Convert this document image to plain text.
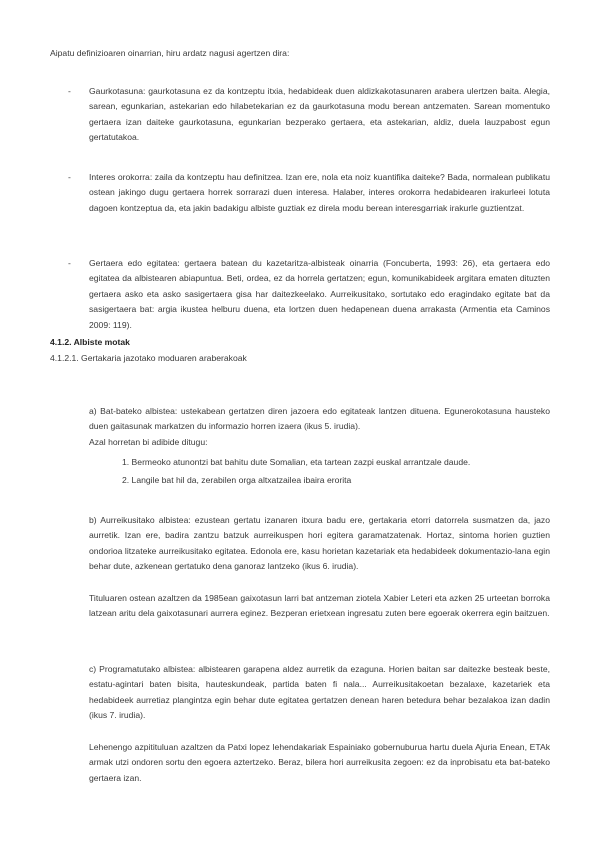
Aipatu definizioaren oinarrian, hiru ardatz nagusi agertzen dira:

- Gaurkotasuna: gaurkotasuna ez da kontzeptu itxia, hedabideak duen aldizkakotasunaren arabera ulertzen baita. Alegia, sarean, egunkarian, astekarian edo hilabetekarian ez da gaurkotasuna modu berean antzematen. Sarean momentuko gertaera izan daiteke gaurkotasuna, egunkarian bezperako gertaera, eta astekarian, aldiz, duela lauzpabost egun gertatutakoa.

- Interes orokorra: zaila da kontzeptu hau definitzea. Izan ere, nola eta noiz kuantifika daiteke? Bada, normalean publikatu ostean jakingo dugu gertaera horrek sorrarazi duen interesa. Halaber, interes orokorra hedabidearen irakurleei lotuta dagoen kontzeptua da, eta jakin badakigu albiste guztiak ez direla modu berean interesgarriak irakurle guztientzat.

- Gertaera edo egitatea: gertaera batean du kazetaritza-albisteak oinarria (Foncuberta, 1993: 26), eta gertaera edo egitatea da albistearen abiapuntua. Beti, ordea, ez da horrela gertatzen; egun, komunikabideek argitara ematen dituzten gertaera asko eta asko sasigertaera gisa har daitezkeelako. Aurreikusitako, sortutako edo eragindako egitate bat da sasigertaera bat: argia ikustea helburu duena, eta lortzen duen hedapenean duena arrakasta (Armentia eta Caminos 2009: 119).

4.1.2. Albiste motak

4.1.2.1. Gertakaria jazotako moduaren araberakoak

a) Bat-bateko albistea: ustekabean gertatzen diren jazoera edo egitateak lantzen dituena. Egunerokotasuna hausteko duen gaitasunak markatzen du informazio horren izaera (ikus 5. irudia).

Azal horretan bi adibide ditugu:

1. Bermeoko atunontzi bat bahitu dute Somalian, eta tartean zazpi euskal arrantzale daude.

2. Langile bat hil da, zerabilen orga altxatzailea ibaira erorita

b) Aurreikusitako albistea: ezustean gertatu izanaren itxura badu ere, gertakaria etorri datorrela susmatzen da, jazo aurretik. Izan ere, badira zantzu batzuk aurreikuspen hori egitera garamatzatenak. Hortaz, sintoma horien guztien ondorioa litzateke aurreikusitako egitatea. Edonola ere, kasu horietan kazetariak eta hedabideek dokumentazio-lana egin behar dute, azkenean gertatuko dena ganoraz lantzeko (ikus 6. irudia).

Tituluaren ostean azaltzen da 1985ean gaixotasun larri bat antzeman ziotela Xabier Leteri eta azken 25 urteetan borroka latzean aritu dela gaixotasunari aurrera eginez. Bezperan erietxean ingresatu zuten bere egoerak okerrera egin baitzuen.

c) Programatutako albistea: albistearen garapena aldez aurretik da ezaguna. Horien baitan sar daitezke besteak beste, estatu-agintari baten bisita, hauteskundeak, partida baten fi nala... Aurreikusitakoetan bezalaxe, kazetariek eta hedabideek aurretiaz plangintza egin behar dute egitatea gertatzen denean haren betedura behar bezalakoa izan dadin (ikus 7. irudia).

Lehenengo azpitituluan azaltzen da Patxi lopez lehendakariak Espainiako gobernuburua hartu duela Ajuria Enean, ETAk armak utzi ondoren sortu den egoera aztertzeko. Beraz, bilera hori aurreikusita zegoen: ez da inprobisatu eta bat-bateko gertaera izan.
